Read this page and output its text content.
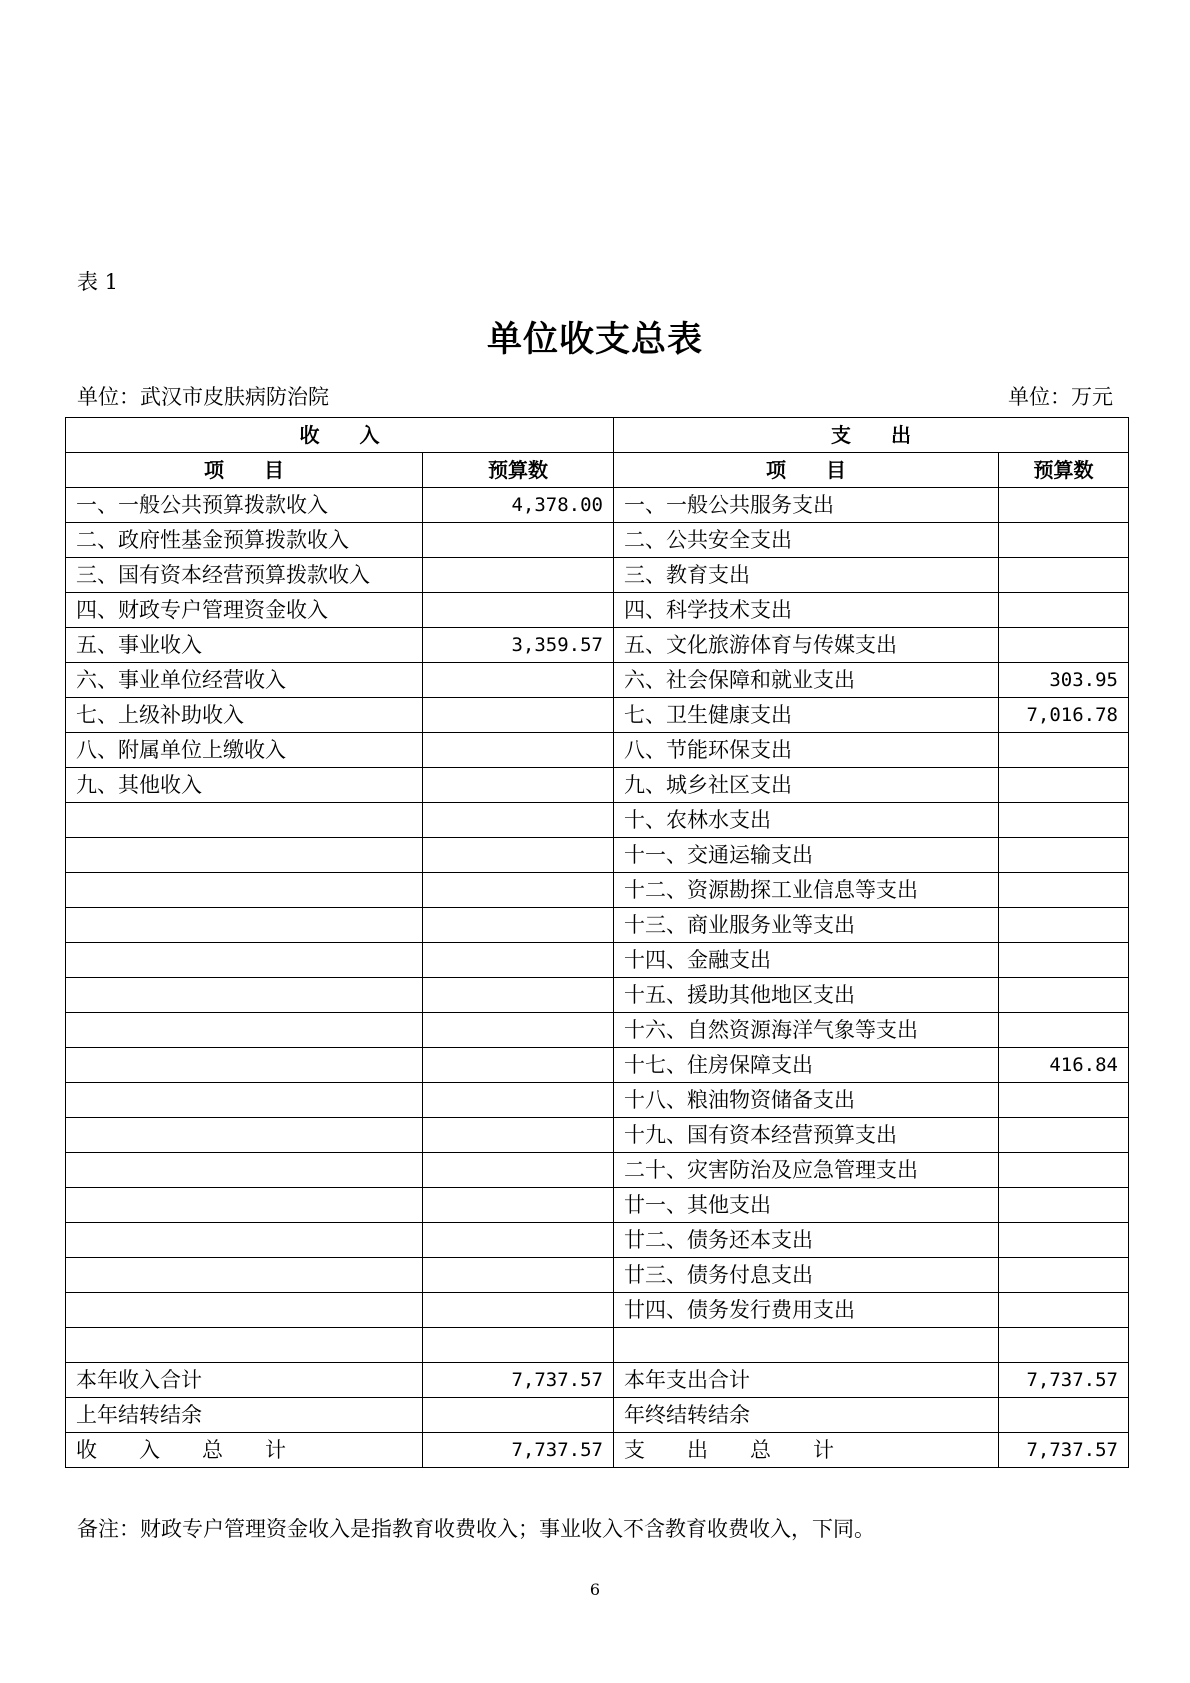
表 1
单位收支总表
单位：武汉市皮肤病防治院	单位：万元
收　　入		支　　出	
项　　目	预算数	项　　目	预算数
一、一般公共预算拨款收入	4,378.00	一、一般公共服务支出	
二、政府性基金预算拨款收入		二、公共安全支出	
三、国有资本经营预算拨款收入		三、教育支出	
四、财政专户管理资金收入		四、科学技术支出	
五、事业收入	3,359.57	五、文化旅游体育与传媒支出	
六、事业单位经营收入		六、社会保障和就业支出	303.95
七、上级补助收入		七、卫生健康支出	7,016.78
八、附属单位上缴收入		八、节能环保支出	
九、其他收入		九、城乡社区支出	
		十、农林水支出	
		十一、交通运输支出	
		十二、资源勘探工业信息等支出	
		十三、商业服务业等支出	
		十四、金融支出	
		十五、援助其他地区支出	
		十六、自然资源海洋气象等支出	
		十七、住房保障支出	416.84
		十八、粮油物资储备支出	
		十九、国有资本经营预算支出	
		二十、灾害防治及应急管理支出	
		廿一、其他支出	
		廿二、债务还本支出	
		廿三、债务付息支出	
		廿四、债务发行费用支出	

本年收入合计	7,737.57	本年支出合计	7,737.57
上年结转结余		年终结转结余	
收　　入　　总　　计	7,737.57	支　　出　　总　　计	7,737.57
备注：财政专户管理资金收入是指教育收费收入；事业收入不含教育收费收入，下同。
6
